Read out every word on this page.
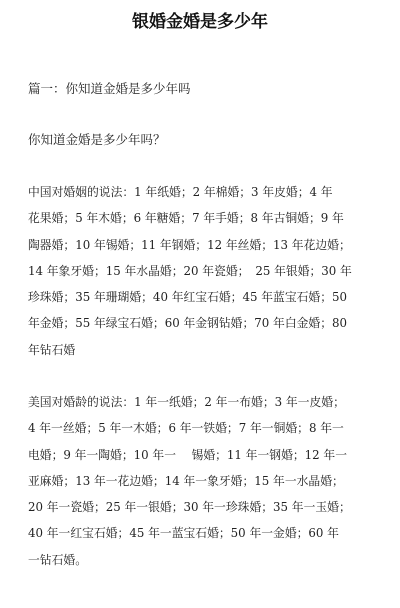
银婚金婚是多少年
篇一：你知道金婚是多少年吗
你知道金婚是多少年吗？
中国对婚姻的说法：1 年纸婚；2 年棉婚；3 年皮婚；4 年
花果婚；5 年木婚；6 年糖婚；7 年手婚；8 年古铜婚；9 年
陶器婚；10 年锡婚；11 年钢婚；12 年丝婚；13 年花边婚；
14 年象牙婚；15 年水晶婚；20 年瓷婚；　25 年银婚；30 年
珍珠婚；35 年珊瑚婚；40 年红宝石婚；45 年蓝宝石婚；50
年金婚；55 年绿宝石婚；60 年金钢钻婚；70 年白金婚；80
年钻石婚
美国对婚龄的说法：1 年一纸婚；2 年一布婚；3 年一皮婚；
4 年一丝婚；5 年一木婚；6 年一铁婚；7 年一铜婚；8 年一
电婚；9 年一陶婚；10 年一　 锡婚；11 年一钢婚；12 年一
亚麻婚；13 年一花边婚；14 年一象牙婚；15 年一水晶婚；
20 年一瓷婚；25 年一银婚；30 年一珍珠婚；35 年一玉婚；
40 年一红宝石婚；45 年一蓝宝石婚；50 年一金婚；60 年
一钻石婚。
